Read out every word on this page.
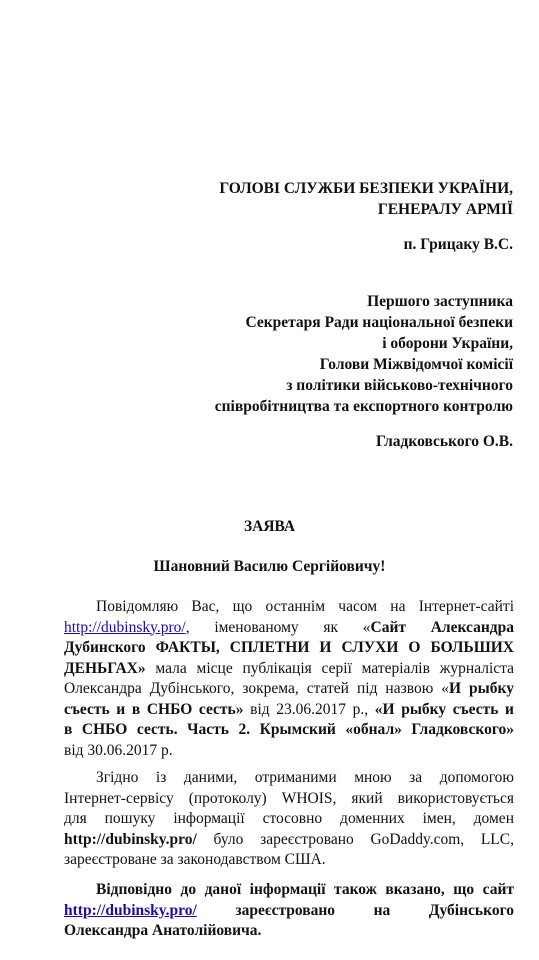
ГОЛОВІ СЛУЖБИ БЕЗПЕКИ УКРАЇНИ,
ГЕНЕРАЛУ АРМІЇ
п. Грицаку В.С.
Першого заступника
Секретаря Ради національної безпеки
і оборони України,
Голови Міжвідомчої комісії
з політики військово-технічного
співробітництва та експортного контролю
Гладковського О.В.
ЗАЯВА
Шановний Василю Сергійовичу!
Повідомляю Вас, що останнім часом на Інтернет-сайті
http://dubinsky.pro/, іменованому як «Сайт Александра
Дубинского ФАКТЫ, СПЛЕТНИ И СЛУХИ О БОЛЬШИХ
ДЕНЬГАХ» мала місце публікація серії матеріалів журналіста
Олександра Дубінського, зокрема, статей під назвою «И рыбку
съесть и в СНБО сесть» від 23.06.2017 р., «И рыбку съесть и
в СНБО сесть. Часть 2. Крымский «обнал» Гладковского»
від 30.06.2017 р.
Згідно із даними, отриманими мною за допомогою
Інтернет-сервісу (протоколу) WHOIS, який використовується
для пошуку інформації стосовно доменних імен, домен
http://dubinsky.pro/ було зареєстровано GoDaddy.com, LLC,
зареєстроване за законодавством США.
Відповідно до даної інформації також вказано, що сайт
http://dubinsky.pro/ зареєстровано на Дубінського
Олександра Анатолійовича.
